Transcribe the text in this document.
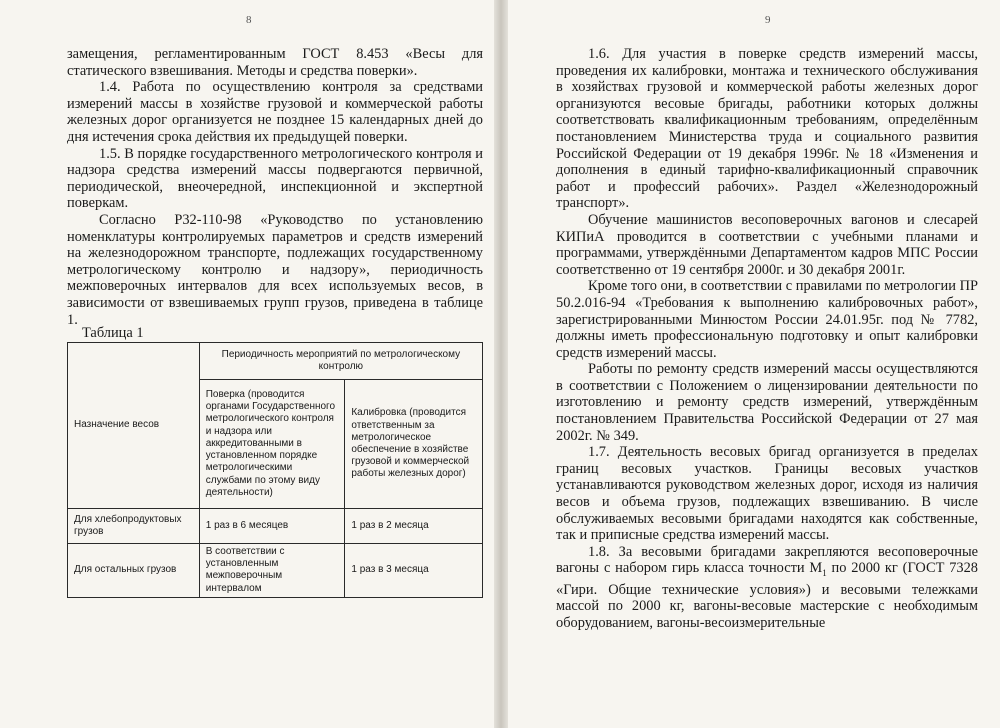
8

замещения, регламентированным ГОСТ 8.453 «Весы для статического взвешивания. Методы и средства поверки».

1.4. Работа по осуществлению контроля за средствами измерений массы в хозяйстве грузовой и коммерческой работы железных дорог организуется не позднее 15 календарных дней до дня истечения срока действия их предыдущей поверки.

1.5. В порядке государственного метрологического контроля и надзора средства измерений массы подвергаются первичной, периодической, внеочередной, инспекционной и экспертной поверкам.

Согласно Р32-110-98 «Руководство по установлению номенклатуры контролируемых параметров и средств измерений на железнодорожном транспорте, подлежащих государственному метрологическому контролю и надзору», периодичность межповерочных интервалов для всех используемых весов, в зависимости от взвешиваемых групп грузов, приведена в таблице 1.

Таблица 1
Назначение весов	Периодичность мероприятий по метрологическому контролю	
	Поверка (проводится органами Государственного метрологического контроля и надзора или аккредитованными в установленном порядке метрологическими службами по этому виду деятельности)	Калибровка (проводится ответственным за метрологическое обеспечение в хозяйстве грузовой и коммерческой работы железных дорог)
Для хлебопродуктовых грузов	1 раз в 6 месяцев	1 раз в 2 месяца
Для остальных грузов	В соответствии с установленным межповерочным интервалом	1 раз в 3 месяца
9

1.6. Для участия в поверке средств измерений массы, проведения их калибровки, монтажа и технического обслуживания в хозяйствах грузовой и коммерческой работы железных дорог организуются весовые бригады, работники которых должны соответствовать квалификационным требованиям, определённым постановлением Министерства труда и социального развития Российской Федерации от 19 декабря 1996г. № 18 «Изменения и дополнения в единый тарифно-квалификационный справочник работ и профессий рабочих». Раздел «Железнодорожный транспорт».

Обучение машинистов весоповерочных вагонов и слесарей КИПиА проводится в соответствии с учебными планами и программами, утверждёнными Департаментом кадров МПС России соответственно от 19 сентября 2000г. и 30 декабря 2001г.

Кроме того они, в соответствии с правилами по метрологии ПР 50.2.016-94 «Требования к выполнению калибровочных работ», зарегистрированными Минюстом России 24.01.95г. под № 7782, должны иметь профессиональную подготовку и опыт калибровки средств измерений массы.

Работы по ремонту средств измерений массы осуществляются в соответствии с Положением о лицензировании деятельности по изготовлению и ремонту средств измерений, утверждённым постановлением Правительства Российской Федерации от 27 мая 2002г. № 349.

1.7. Деятельность весовых бригад организуется в пределах границ весовых участков. Границы весовых участков устанавливаются руководством железных дорог, исходя из наличия весов и объема грузов, подлежащих взвешиванию. В числе обслуживаемых весовыми бригадами находятся как собственные, так и приписные средства измерений массы.

1.8. За весовыми бригадами закрепляются весоповерочные вагоны с набором гирь класса точности $М_1$ по 2000 кг (ГОСТ 7328 «Гири. Общие технические условия») и весовыми тележками массой по 2000 кг, вагоны-весовые мастерские с необходимым оборудованием, вагоны-весоизмерительные
